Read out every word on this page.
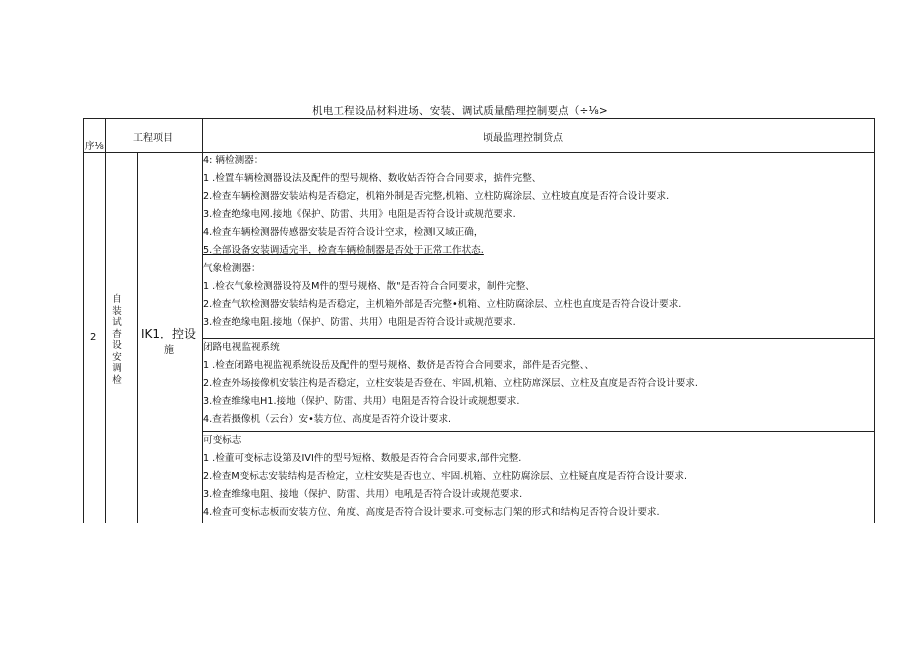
机电工程设品材料进场、安装、调试质量酷理控制要点（÷⅛>
序⅛
工程项目	顷最监理控制贷点
2
自
装
试
杳
设
安
调
检
IK1．控设
施
4: 辆检测器：
1 .检置车辆检测器设法及配件的型号规格、数收姑否符合合同要求，掂件完整、
2.检查车辆检测器安装站构是否稳定，机箱外制是否完整,机箱、立柱防腐涂层、立柱坡直度是否符合设计要求.
3.检査绝缘电网.接地《保护、防雷、共用》电阻是否符合设计或规范要求.
4.检査车辆检测器传感器安装是否符合设计空求，检测l又域正确，
5.全部设备安装调适完半，检査车辆检制器是否处于正常工作状态.
气象检测器：
1 .检衣气象检测器设符及M件的型号规格、散"是否符合合同要求，制件完整、
2.检査气软检测器安装结构是否稳定，主机箱外部是否完整•机箱、立柱防腐涂层、立柱也直度是否符合设计要求.
3.检查绝缘电阻.接地（保护、防雷、共用）电阻是否符合设计或规范要求.
闭路电视监视系统
1 .检查闭路电视监视系统设岳及配件的型号规格、数侪是否符合合同要求，部件是否完整、、
2.检查外场接像机安装注构是否稳定，立柱安装是否登在、牢固,机箱、立柱防席深层、立柱及直度是否符合设计要求.
3.检查维缘电H1.接地（保护、防雷、共用）电阻是否符合设计或规想要求.
4.查若摄像机（云台）安•装方位、高度是否符介设计要求.
可变标志
1 .检董可变标志设第及IVI件的型号短格、数般是否符合合同要求,部件完整.
2.检查M变标志安装结构是否检定，立柱安奘是否也立、牢固.机箱、立柱防腐涂层、立柱疑直度是否符合设计要求.
3.检査维缘电阻、接地（保护、防雷、共用）电吼是否符合设计或规范要求.
4.检査可变标志板而安装方位、角度、高度是否符合设计要求.可变标志门架的形式和结构足否符合设计要求.
